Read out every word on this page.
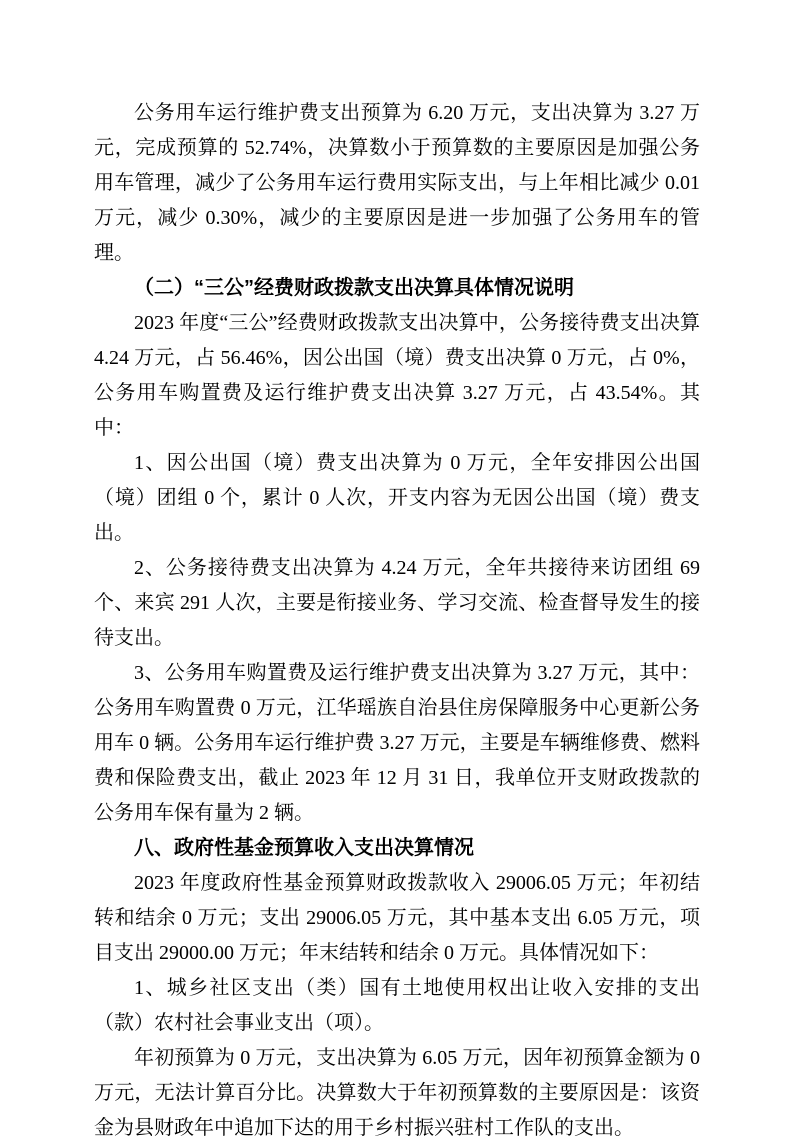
公务用车运行维护费支出预算为 6.20 万元，支出决算为 3.27 万元，完成预算的 52.74%，决算数小于预算数的主要原因是加强公务用车管理，减少了公务用车运行费用实际支出，与上年相比减少 0.01 万元，减少 0.30%，减少的主要原因是进一步加强了公务用车的管理。

（二）“三公”经费财政拨款支出决算具体情况说明

2023 年度“三公”经费财政拨款支出决算中，公务接待费支出决算 4.24 万元，占 56.46%，因公出国（境）费支出决算 0 万元，占 0%，公务用车购置费及运行维护费支出决算 3.27 万元，占 43.54%。其中：

1、因公出国（境）费支出决算为 0 万元，全年安排因公出国（境）团组 0 个，累计 0 人次，开支内容为无因公出国（境）费支出。

2、公务接待费支出决算为 4.24 万元，全年共接待来访团组 69 个、来宾 291 人次，主要是衔接业务、学习交流、检查督导发生的接待支出。

3、公务用车购置费及运行维护费支出决算为 3.27 万元，其中：公务用车购置费 0 万元，江华瑶族自治县住房保障服务中心更新公务用车 0 辆。公务用车运行维护费 3.27 万元，主要是车辆维修费、燃料费和保险费支出，截止 2023 年 12 月 31 日，我单位开支财政拨款的公务用车保有量为 2 辆。

八、政府性基金预算收入支出决算情况

2023 年度政府性基金预算财政拨款收入 29006.05 万元；年初结转和结余 0 万元；支出 29006.05 万元，其中基本支出 6.05 万元，项目支出 29000.00 万元；年末结转和结余 0 万元。具体情况如下：

1、城乡社区支出（类）国有土地使用权出让收入安排的支出（款）农村社会事业支出（项）。

年初预算为 0 万元，支出决算为 6.05 万元，因年初预算金额为 0 万元，无法计算百分比。决算数大于年初预算数的主要原因是：该资金为县财政年中追加下达的用于乡村振兴驻村工作队的支出。
